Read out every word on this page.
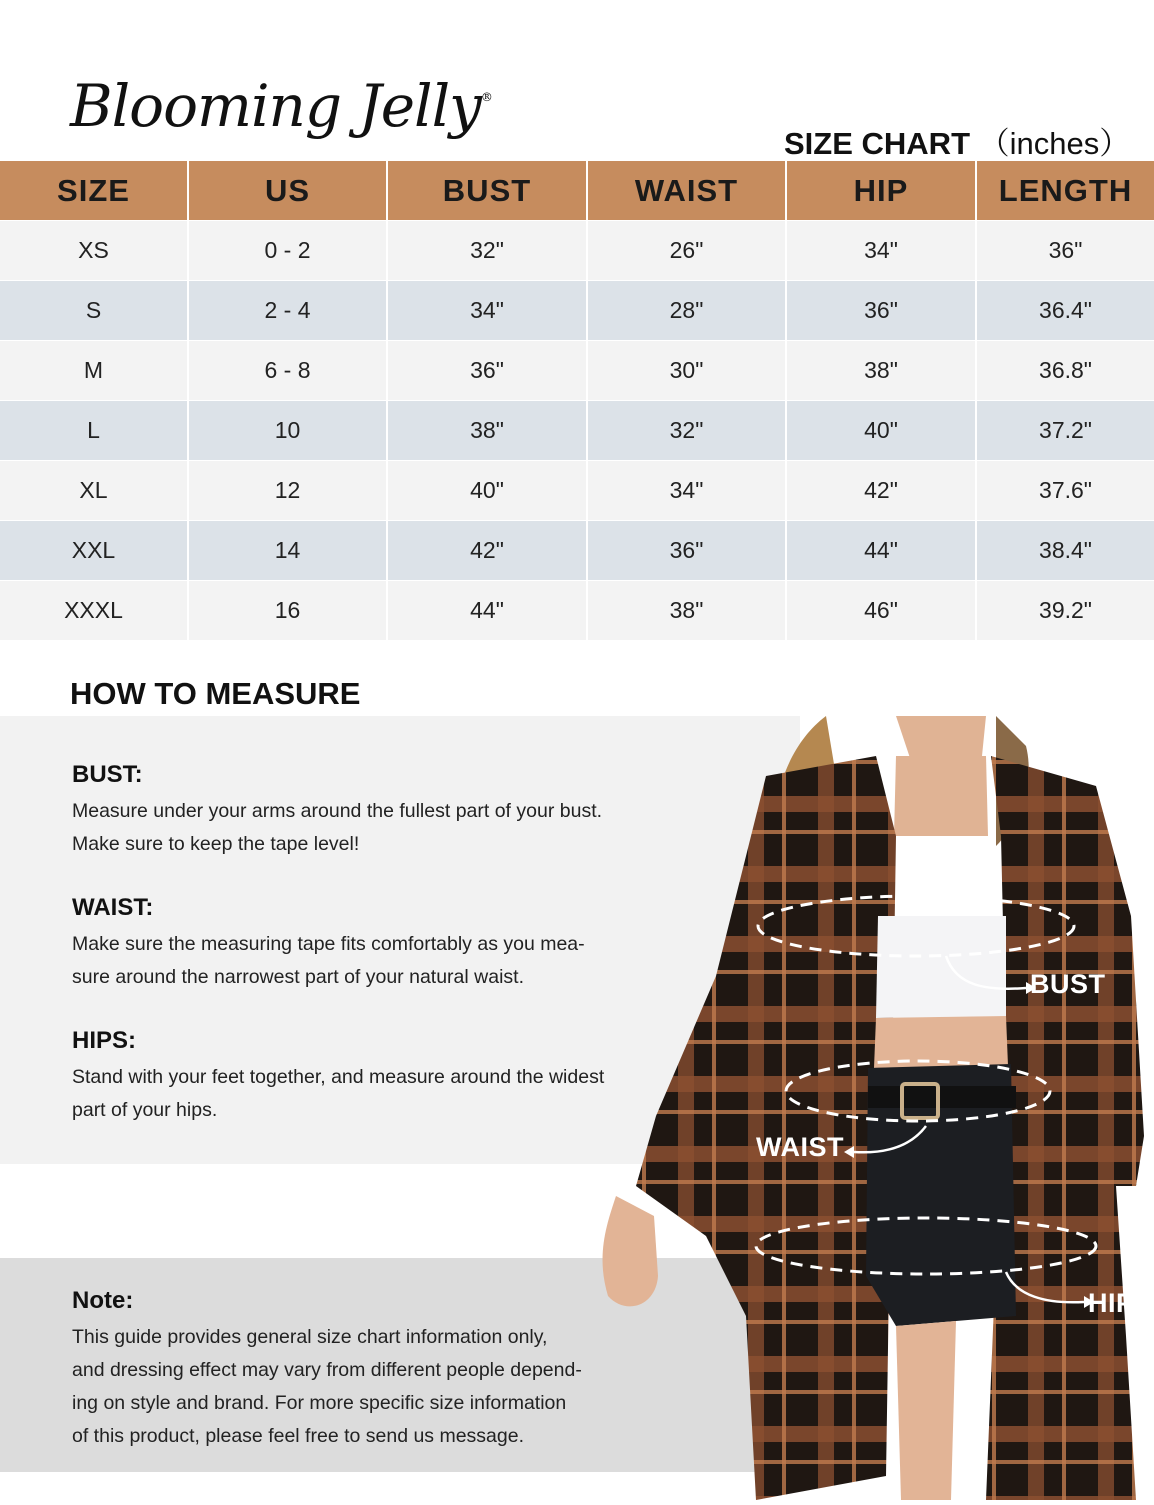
Blooming Jelly®
SIZE CHART （inches）
SIZE	US	BUST	WAIST	HIP	LENGTH
XS	0 - 2	32"	26"	34"	36"
S	2 - 4	34"	28"	36"	36.4"
M	6 - 8	36"	30"	38"	36.8"
L	10	38"	32"	40"	37.2"
XL	12	40"	34"	42"	37.6"
XXL	14	42"	36"	44"	38.4"
XXXL	16	44"	38"	46"	39.2"
HOW TO MEASURE
BUST:

Measure under your arms around the fullest part of your bust.

Make sure to keep the tape level!

WAIST:

Make sure the measuring tape fits comfortably as you mea-

sure around the narrowest part of your natural waist.

HIPS:

Stand with your feet together, and measure around the widest

part of your hips.

Note:

This guide provides general size chart information only,

and dressing effect may vary from different people depend-

ing on style and brand. For more specific size information

of this product, please feel free to send us message.

BUST
WAIST
HIP
